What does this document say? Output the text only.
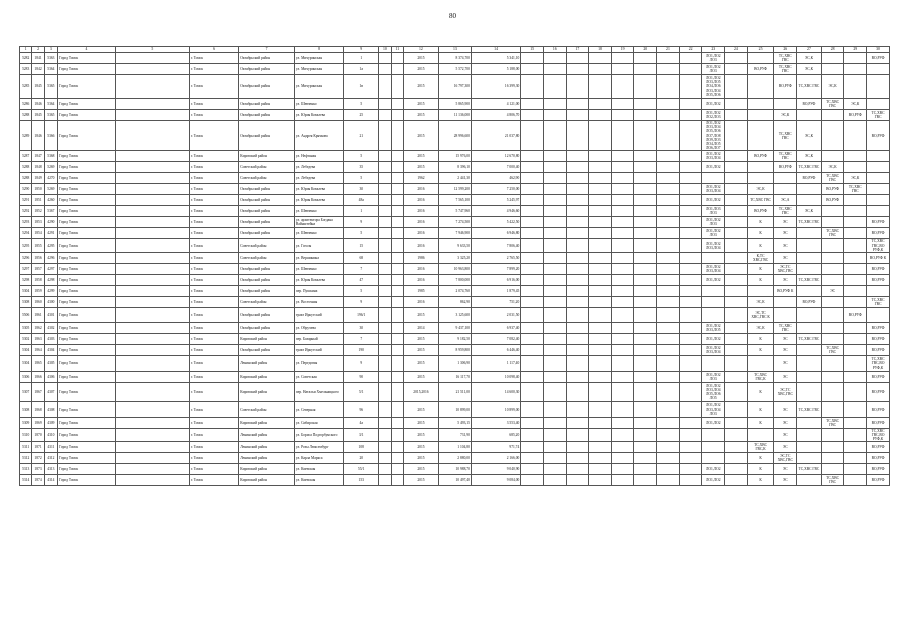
80
1	2	3	4	5	6	7	8	9	10	11	12	13	14	15	16	17	18	19	20	21	22	23	24	25	26	27	28	29	30
5282	1841	5363	Город Томск		г. Томск	Октябрьский район	ул. Мичуринская	1			2015	8 374,700	5 341,10									ЛО1,ЛО2 ЛО3			ТС,ХВС ГВС	ЭС,К			ВО,РУФ
5283	1842	5364	Город Томск		г. Томск	Октябрьский район	ул. Мичуринская	1а			2015	5 572,700	5 188,00									ЛО1,ЛО2 ЛО3		ВО,РУФ	ТС,ХВС ГВС	ЭС,К			
5285	1845	5365	Город Томск		г. Томск	Октябрьский район	ул. Мичуринская	1в			2015	16 797,300	16 399,30									ЛО1,ЛО2 ЛО3,ЛО5 ЛО4,ЛО6 ЛО3,ЛО4 ЛО5,ЛО6			ВО,РУФ	ТС,ХВС ГВС	ЭС,К		
5286	1846	5364	Город Томск		г. Томск	Октябрьский район	ул. Шевченко	5			2015	5 865,900	4 121,00									ЛО1,ЛО2				ВО,РУФ	ТС,ХВС ГВС	ЭС,К	
5288	1845	5365	Город Томск		г. Томск	Октябрьский район	ул. Юрия Ковалева	25			2015	11 136,000	4 806,70									ЛО1,ЛО2 ЛО2,ЛО3			ЭС,К			ВО,РУФ	ТС,ХВС ГВС
5289	1846	5366	Город Томск		г. Томск	Октябрьский район	ул. Андрея Крячкова	21			2015	28 996,600	21 037,80									ЛО1,ЛО2 ЛО3,ЛО4 ЛО5,ЛО6 ЛО7,ЛО8 ЛО9,ЛО3 ЛО4,ЛО5 ЛО6,ЛО7			ТС,ХВС ГВС	ЭС,К			ВО,РУФ
5287	1847	5368	Город Томск		г. Томск	Кировский район	ул. Нефтяная	5			2015	15 976,00	12 670,80									ЛО1,ЛО2 ЛО3,ЛО4		ВО,РУФ	ТС,ХВС ГВС	ЭС,К			
5288	1848	5269	Город Томск		г. Томск	Советский район	ул. Лебедева	35			2015	8 396,10	7 000,40									ЛО1,ЛО2			ВО,РУФ	ТС,ХВС ГВС	ЭС,К		
5288	1849	4270	Город Томск		г. Томск	Советский район	ул. Лебедева	5			1962	2 441,30	462,90													ВО,РУФ	ТС,ХВС ГВС	ЭС,К	
5290	1850	5269	Город Томск		г. Томск	Октябрьский район	ул. Юрия Ковалева	30			2016	12 599,200	7 250,00									ЛО1,ЛО2 ЛО3,ЛО4		ЭС,К			ВО,РУФ	ТС,ХВС ГВС	
5291	1851	4260	Город Томск		г. Томск	Октябрьский район	ул. Юрия Ковалева	48а			2016	7 565,100	5 245,97									ЛО1,ЛО2		ТС,ХВС ГВС	ЭС,А		ВО,РУФ		
5292	1852	5367	Город Томск		г. Томск	Октябрьский район	ул. Шевченко	1			2016	5 747,960	4 946,60									ЛО1,ЛО3 ЛО3		ВО,РУФ	ТС,ХВС ГВС	ЭС,К			
5293	1853	4290	Город Томск		г. Томск	Октябрьский район	ул. архитектора Богдана Вайнштейна	9			2016	7 274,500	5 422,50									ЛО1,ЛО2 ЛО3		К	ЭС	ТС,ХВС ГВС			ВО,РУФ
5294	1854	4291	Город Томск		г. Томск	Октябрьский район	ул. Шевченко	5			2016	7 946,900	6 946,80									ЛО1,ЛО2 ЛО3		К	ЭС		ТС,ХВС ГВС		ВО,РУФ
5295	1855	4295	Город Томск		г. Томск	Советский район	ул. Гоголя	15			2016	9 633,50	7 806,40									ЛО1,ЛО2 ЛО3,ЛО4		К	ЭС				ТС,ХВС ГВС,ВО РУФ,К
5296	1856	4296	Город Томск		г. Томск	Советский район	ул. Вершинина	68			1986	3 325,20	2 765,50											К,ТС ХВС,ГВС	ЭС				ВО,РУФ К
5297	1857	4297	Город Томск		г. Томск	Октябрьский район	ул. Шевченко	7			2016	10 963,800	7 899,20									ЛО1,ЛО2 ЛО3,ЛО4		К	ЭС,ТС ХВС,ГВС				ВО,РУФ
5298	1858	4298	Город Томск		г. Томск	Октябрьский район	ул. Юрия Ковалева	47			2016	7 800,000	6 916,00									ЛО1,ЛО2		К	ЭС	ТС,ХВС ГВС			ВО,РУФ
5304	1859	4299	Город Томск		г. Томск	Октябрьский район	пер. Пушкина	5			1985	2 074,760	1 879,45												ВО,РУФ К		ЭС		
5308	1860	4300	Город Томск		г. Томск	Советский район	ул. Восточная	9			2016	862,90	751,20											ЭС,К		ВО,РУФ			ТС,ХВС ГВС
5506	1861	4301	Город Томск		г. Томск	Октябрьский район	тракт Иркутский	196/1			2015	3 125,600	2 031,50											ЭС,ТС ХВС,ГВС К				ВО,РУФ	
5305	1862	4302	Город Томск		г. Томск	Октябрьский район	ул. Обручева	30			2014	9 437,100	6 937,40									ЛО1,ЛО2 ЛО3,ЛО5		ЭС,К	ТС,ХВС ГВС				ВО,РУФ
5302	1863	4303	Город Томск		г. Томск	Кировский район	пер. Базарный	7			2015	9 182,50	7 082,40									ЛО1,ЛО2		К	ЭС	ТС,ХВС ГВС			ВО,РУФ
5304	1864	4304	Город Томск		г. Томск	Октябрьский район	тракт Иркутский	190			2015	8 959,800	6 446,40									ЛО1,ЛО2 ЛО3,ЛО4		К	ЭС		ТС,ХВС ГВС		ВО,РУФ
5304	1865	4305	Город Томск		г. Томск	Ленинский район	ул. Передовая	9			2015	1 306,90	1 117,40												ЭС				ТС,ХВС ГВС,ВО РУФ,К
5306	1866	4306	Город Томск		г. Томск	Кировский район	ул. Советская	90			2015	16 117,70	10 098,40									ЛО1,ЛО2 ЛО3		ТС,ХВС ГВС,К	ЭС				ВО,РУФ
5307	1867	4307	Город Томск		г. Томск	Кировский район	пер. Натальи Хмельницкого	5/1			2015,2016	21 511,00	14 600,30									ЛО1,ЛО2 ЛО3,ЛО4 ЛО5,ЛО6 ЛО5		К	ЭС,ТС ХВС,ГВС				ВО,РУФ
5308	1868	4308	Город Томск		г. Томск	Советский район	ул. Северная	96			2015	10 899,00	10 899,00									ЛО1,ЛО2 ЛО3,ЛО4 ЛО3		К	ЭС	ТС,ХВС ГВС			ВО,РУФ
5309	1869	4309	Город Томск		г. Томск	Кировский район	ул. Сибирская	4а			2015	5 493,15	3 553,40									ЛО1,ЛО2		К	ЭС		ТС,ХВС ГВС		ВО,РУФ
5310	1870	4310	Город Томск		г. Томск	Ленинский район	ул. Бориса Подгорбунского	3/1			2015	731,90	685,20												ЭС				ТС,ХВС ГВС,ВО РУФ,К
5311	1871	4311	Город Томск		г. Томск	Ленинский район	ул. Розы Люксембург	108			2015	1 104,80	971,74											ТС,ХВС ГВС,К	ЭС				ВО,РУФ
5312	1872	4312	Город Томск		г. Томск	Ленинский район	ул. Карла Маркса	20			2015	2 880,00	2 166,00											К	ЭС,ТС ХВС,ГВС				ВО,РУФ
5313	1873	4313	Город Томск		г. Томск	Кировский район	ул. Киевская	55/1			2015	10 988,70	9 040,90									ЛО1,ЛО2		К	ЭС	ТС,ХВС ГВС			ВО,РУФ
5314	1874	4314	Город Томск		г. Томск	Кировский район	ул. Киевская	153			2015	10 497,40	9 084,00									ЛО1,ЛО2		К	ЭС		ТС,ХВС ГВС		ВО,РУФ
